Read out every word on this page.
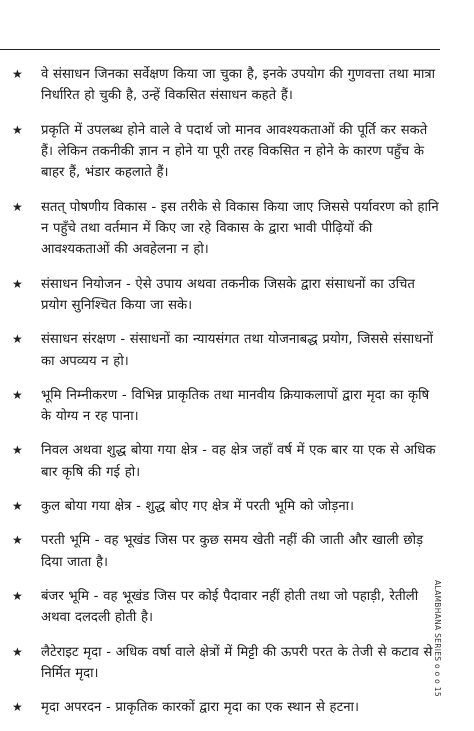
★ वे संसाधन जिनका सर्वेक्षण किया जा चुका है, इनके उपयोग की गुणवत्ता तथा मात्रा निर्धारित हो चुकी है, उन्हें विकसित संसाधन कहते हैं।
★ प्रकृति में उपलब्ध होने वाले वे पदार्थ जो मानव आवश्यकताओं की पूर्ति कर सकते हैं। लेकिन तकनीकी ज्ञान न होने या पूरी तरह विकसित न होने के कारण पहुँच के बाहर हैं, भंडार कहलाते हैं।
★ सतत् पोषणीय विकास - इस तरीके से विकास किया जाए जिससे पर्यावरण को हानि न पहुँचे तथा वर्तमान में किए जा रहे विकास के द्वारा भावी पीढ़ियों की आवश्यकताओं की अवहेलना न हो।
★ संसाधन नियोजन - ऐसे उपाय अथवा तकनीक जिसके द्वारा संसाधनों का उचित प्रयोग सुनिश्चित किया जा सके।
★ संसाधन संरक्षण - संसाधनों का न्यायसंगत तथा योजनाबद्ध प्रयोग, जिससे संसाधनों का अपव्यय न हो।
★ भूमि निम्नीकरण - विभिन्न प्राकृतिक तथा मानवीय क्रियाकलापों द्वारा मृदा का कृषि के योग्य न रह पाना।
★ निवल अथवा शुद्ध बोया गया क्षेत्र - वह क्षेत्र जहाँ वर्ष में एक बार या एक से अधिक बार कृषि की गई हो।
★ कुल बोया गया क्षेत्र - शुद्ध बोए गए क्षेत्र में परती भूमि को जोड़ना।
★ परती भूमि - वह भूखंड जिस पर कुछ समय खेती नहीं की जाती और खाली छोड़ दिया जाता है।
★ बंजर भूमि - वह भूखंड जिस पर कोई पैदावार नहीं होती तथा जो पहाड़ी, रेतीली अथवा दलदली होती है।
★ लैटेराइट मृदा - अधिक वर्षा वाले क्षेत्रों में मिट्टी की ऊपरी परत के तेजी से कटाव से निर्मित मृदा।
★ मृदा अपरदन - प्राकृतिक कारकों द्वारा मृदा का एक स्थान से हटना।
ALAMBHANA SERIES o o o 15
